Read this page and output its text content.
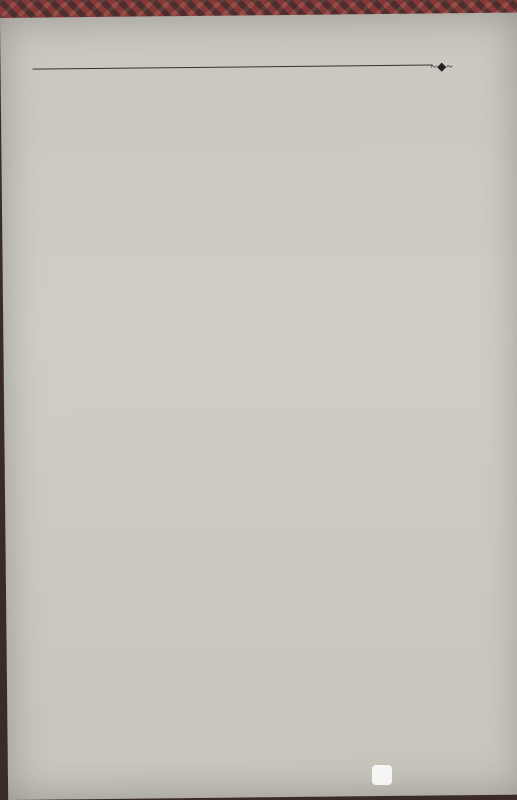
~◆~
